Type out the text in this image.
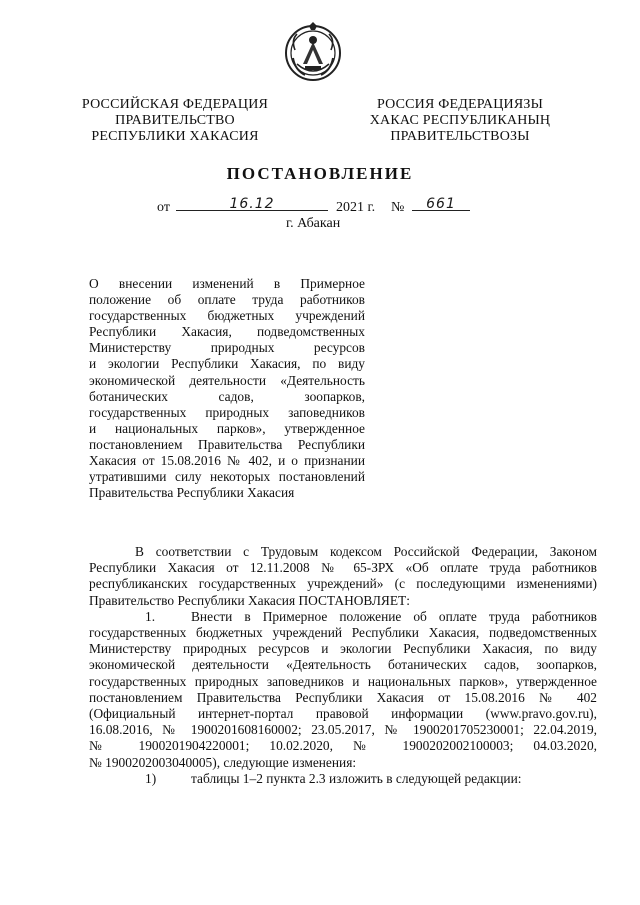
РОССИЙСКАЯ ФЕДЕРАЦИЯ
ПРАВИТЕЛЬСТВО
РЕСПУБЛИКИ ХАКАСИЯ
РОССИЯ ФЕДЕРАЦИЯЗЫ
ХАКАС РЕСПУБЛИКАНЫҢ
ПРАВИТЕЛЬСТВОЗЫ
ПОСТАНОВЛЕНИЕ
от	16.12	2021 г. №	661
г. Абакан
О внесении изменений в Примерное
положение об оплате труда работников
государственных бюджетных учреждений
Республики Хакасия, подведомственных
Министерству природных ресурсов
и экологии Республики Хакасия, по виду
экономической деятельности «Деятельность
ботанических садов, зоопарков,
государственных природных заповедников
и национальных парков», утвержденное
постановлением Правительства Республики
Хакасия от 15.08.2016 № 402, и о признании
утратившими силу некоторых постановлений
Правительства Республики Хакасия
В соответствии с Трудовым кодексом Российской Федерации, Законом
Республики Хакасия от 12.11.2008 № 65-ЗРХ «Об оплате труда работников
республиканских государственных учреждений» (с последующими изменениями)
Правительство Республики Хакасия ПОСТАНОВЛЯЕТ:
1.	Внести в Примерное положение об оплате труда работников
государственных бюджетных учреждений Республики Хакасия, подведомственных
Министерству природных ресурсов и экологии Республики Хакасия, по виду
экономической деятельности «Деятельность ботанических садов, зоопарков,
государственных природных заповедников и национальных парков», утвержденное
постановлением Правительства Республики Хакасия от 15.08.2016 № 402
(Официальный интернет-портал правовой информации (www.pravo.gov.ru),
16.08.2016, № 1900201608160002; 23.05.2017, № 1900201705230001; 22.04.2019,
№ 1900201904220001; 10.02.2020, № 1900202002100003; 04.03.2020,
№ 1900202003040005), следующие изменения:
1)	таблицы 1–2 пункта 2.3 изложить в следующей редакции:
